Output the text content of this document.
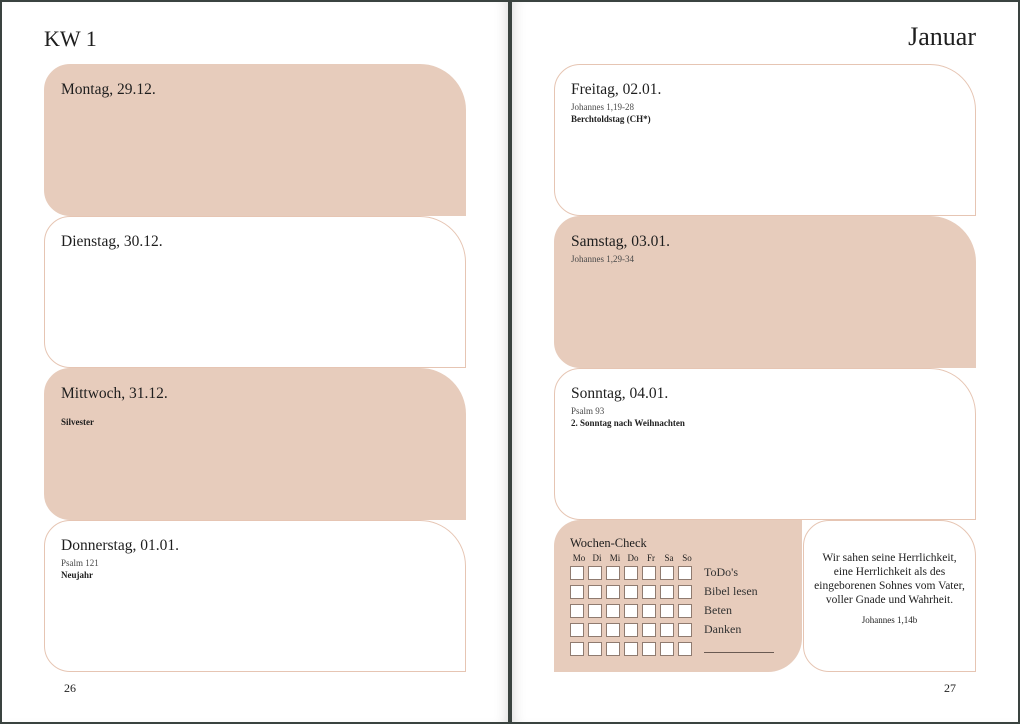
KW 1
Montag, 29.12.
Dienstag, 30.12.
Mittwoch, 31.12.
Silvester
Donnerstag, 01.01.
Psalm 121
Neujahr
26
Januar
Freitag, 02.01.
Johannes 1,19-28
Berchtoldstag (CH*)
Samstag, 03.01.
Johannes 1,29-34
Sonntag, 04.01.
Psalm 93
2. Sonntag nach Weihnachten
Wochen-Check
Mo Di Mi Do Fr	Sa So
ToDo's
Bibel lesen
Beten
Danken
Wir sahen seine Herrlichkeit, eine Herrlichkeit als des eingeborenen Sohnes vom Vater, voller Gnade und Wahrheit.
Johannes 1,14b
27
